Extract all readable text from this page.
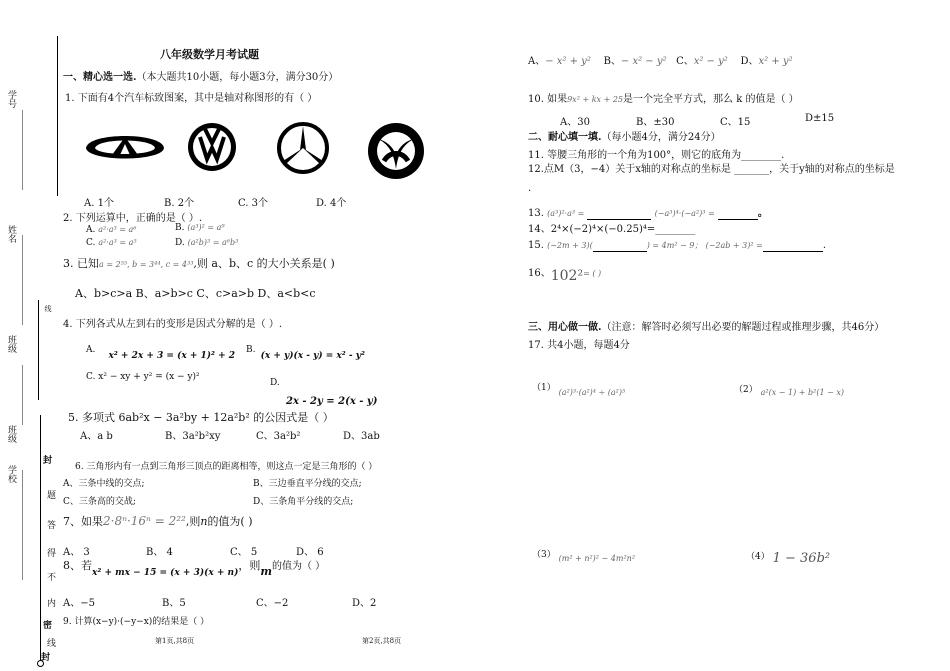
学号
姓名
班级
班级
学校
封
线
题
答
得
不
内
密
线
封
八年级数学月考试题
一、精心选一选.（本大题共10小题，每小题3分，满分30分）
1. 下面有4个汽车标致图案，其中是轴对称图形的有（ ）
A. 1个	B. 2个	C. 3个	D. 4个
2. 下列运算中，正确的是（ ）.
A. a²·a³ = a⁶	B. (a³)² = a⁹
C. a²·a³ = a⁵	D. (a²b)³ = a⁶b³
3. 已知a = 2⁵⁵, b = 3⁴⁴, c = 4³³,则 a、b、c 的大小关系是( )
A、b>c>a B、a>b>c C、c>a>b D、a<b<c
4. 下列各式从左到右的变形是因式分解的是（ ）.
A. $_{x^2 + 2x + 3 = (x + 1)^2 + 2}$
B. $_{(x + y)(x - y) = x^2 - y^2}$
C. x² − xy + y² = (x − y)²
D.
2x - 2y = 2(x - y)
5. 多项式 6ab²x − 3a²by + 12a²b² 的公因式是（ ）
A、a b	B、3a²b²xy	C、3a²b²	D、3ab
6. 三角形内有一点到三角形三顶点的距离相等，则这点一定是三角形的（ ）
A、三条中线的交点;	B、三边垂直平分线的交点;
C、三条高的交战;	D、三条角平分线的交点;
7、如果2·8ⁿ·16ⁿ = 2²²,则n的值为( )
A、 3	B、 4	C、 5	D、 6
8、若$_{x^2 + mx - 15 = (x + 3)(x + n)}$，则m的值为（ ）
A、−5	B、5	C、−2	D、2
9. 计算(x−y)·(−y−x)的结果是（ ）
第1页,共8页
A、− x² + y² B、− x² − y² C、x² − y² D、x² + y²
10. 如果9x² + kx + 25是一个完全平方式，那么 k 的值是（ ）
A、30	B、±30	C、15	D±15
二、耐心填一填.（每小题4分，满分24分）
11. 等腰三角形的一个角为100°，则它的底角为________.
12.点M（3，−4）关于x轴的对称点的坐标是 _______，关于y轴的对称点的坐标是
.
13. (a³)²·a³ =	(−a³)⁴·(−a²)³ =	。
14、2⁴×(−2)⁴×(−0.25)⁴=________
15. (−2m + 3)(	) = 4m² − 9； (−2ab + 3)² =	.
16、102²= ( )
三、用心做一做.（注意：解答时必须写出必要的解题过程或推理步骤，共46分）
17. 共4小题，每题4分
（1） (a²)³·(a²)⁴ ÷ (a²)⁵	（2） a²(x − 1) + b²(1 − x)
（3） (m² + n²)² − 4m²n²	（4） 1 − 36b²
第2页,共8页
